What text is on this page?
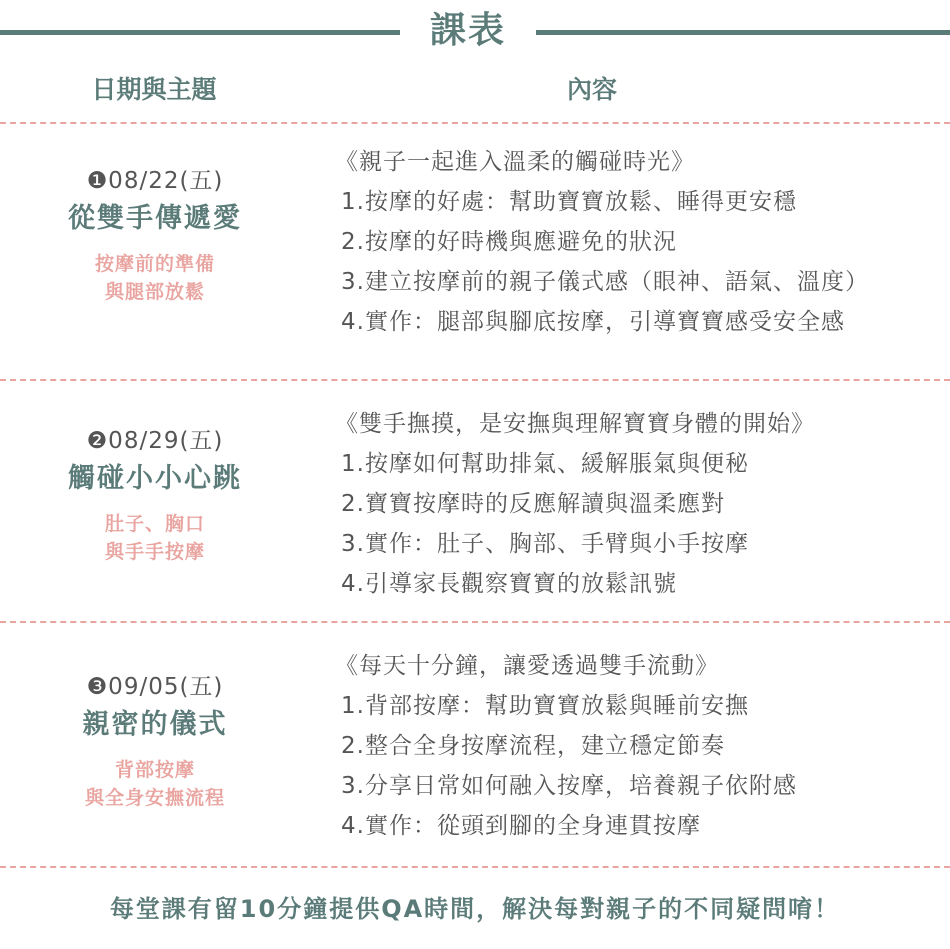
課表
日期與主題	內容
❶08/22(五)
從雙手傳遞愛
按摩前的準備
與腿部放鬆
《親子一起進入溫柔的觸碰時光》
1.按摩的好處：幫助寶寶放鬆、睡得更安穩
2.按摩的好時機與應避免的狀況
3.建立按摩前的親子儀式感（眼神、語氣、溫度）
4.實作：腿部與腳底按摩，引導寶寶感受安全感
❷08/29(五)
觸碰小小心跳
肚子、胸口
與手手按摩
《雙手撫摸，是安撫與理解寶寶身體的開始》
1.按摩如何幫助排氣、緩解脹氣與便秘
2.寶寶按摩時的反應解讀與溫柔應對
3.實作：肚子、胸部、手臂與小手按摩
4.引導家長觀察寶寶的放鬆訊號
❸09/05(五)
親密的儀式
背部按摩
與全身安撫流程
《每天十分鐘，讓愛透過雙手流動》
1.背部按摩：幫助寶寶放鬆與睡前安撫
2.整合全身按摩流程，建立穩定節奏
3.分享日常如何融入按摩，培養親子依附感
4.實作：從頭到腳的全身連貫按摩
每堂課有留10分鐘提供QA時間，解決每對親子的不同疑問唷！
